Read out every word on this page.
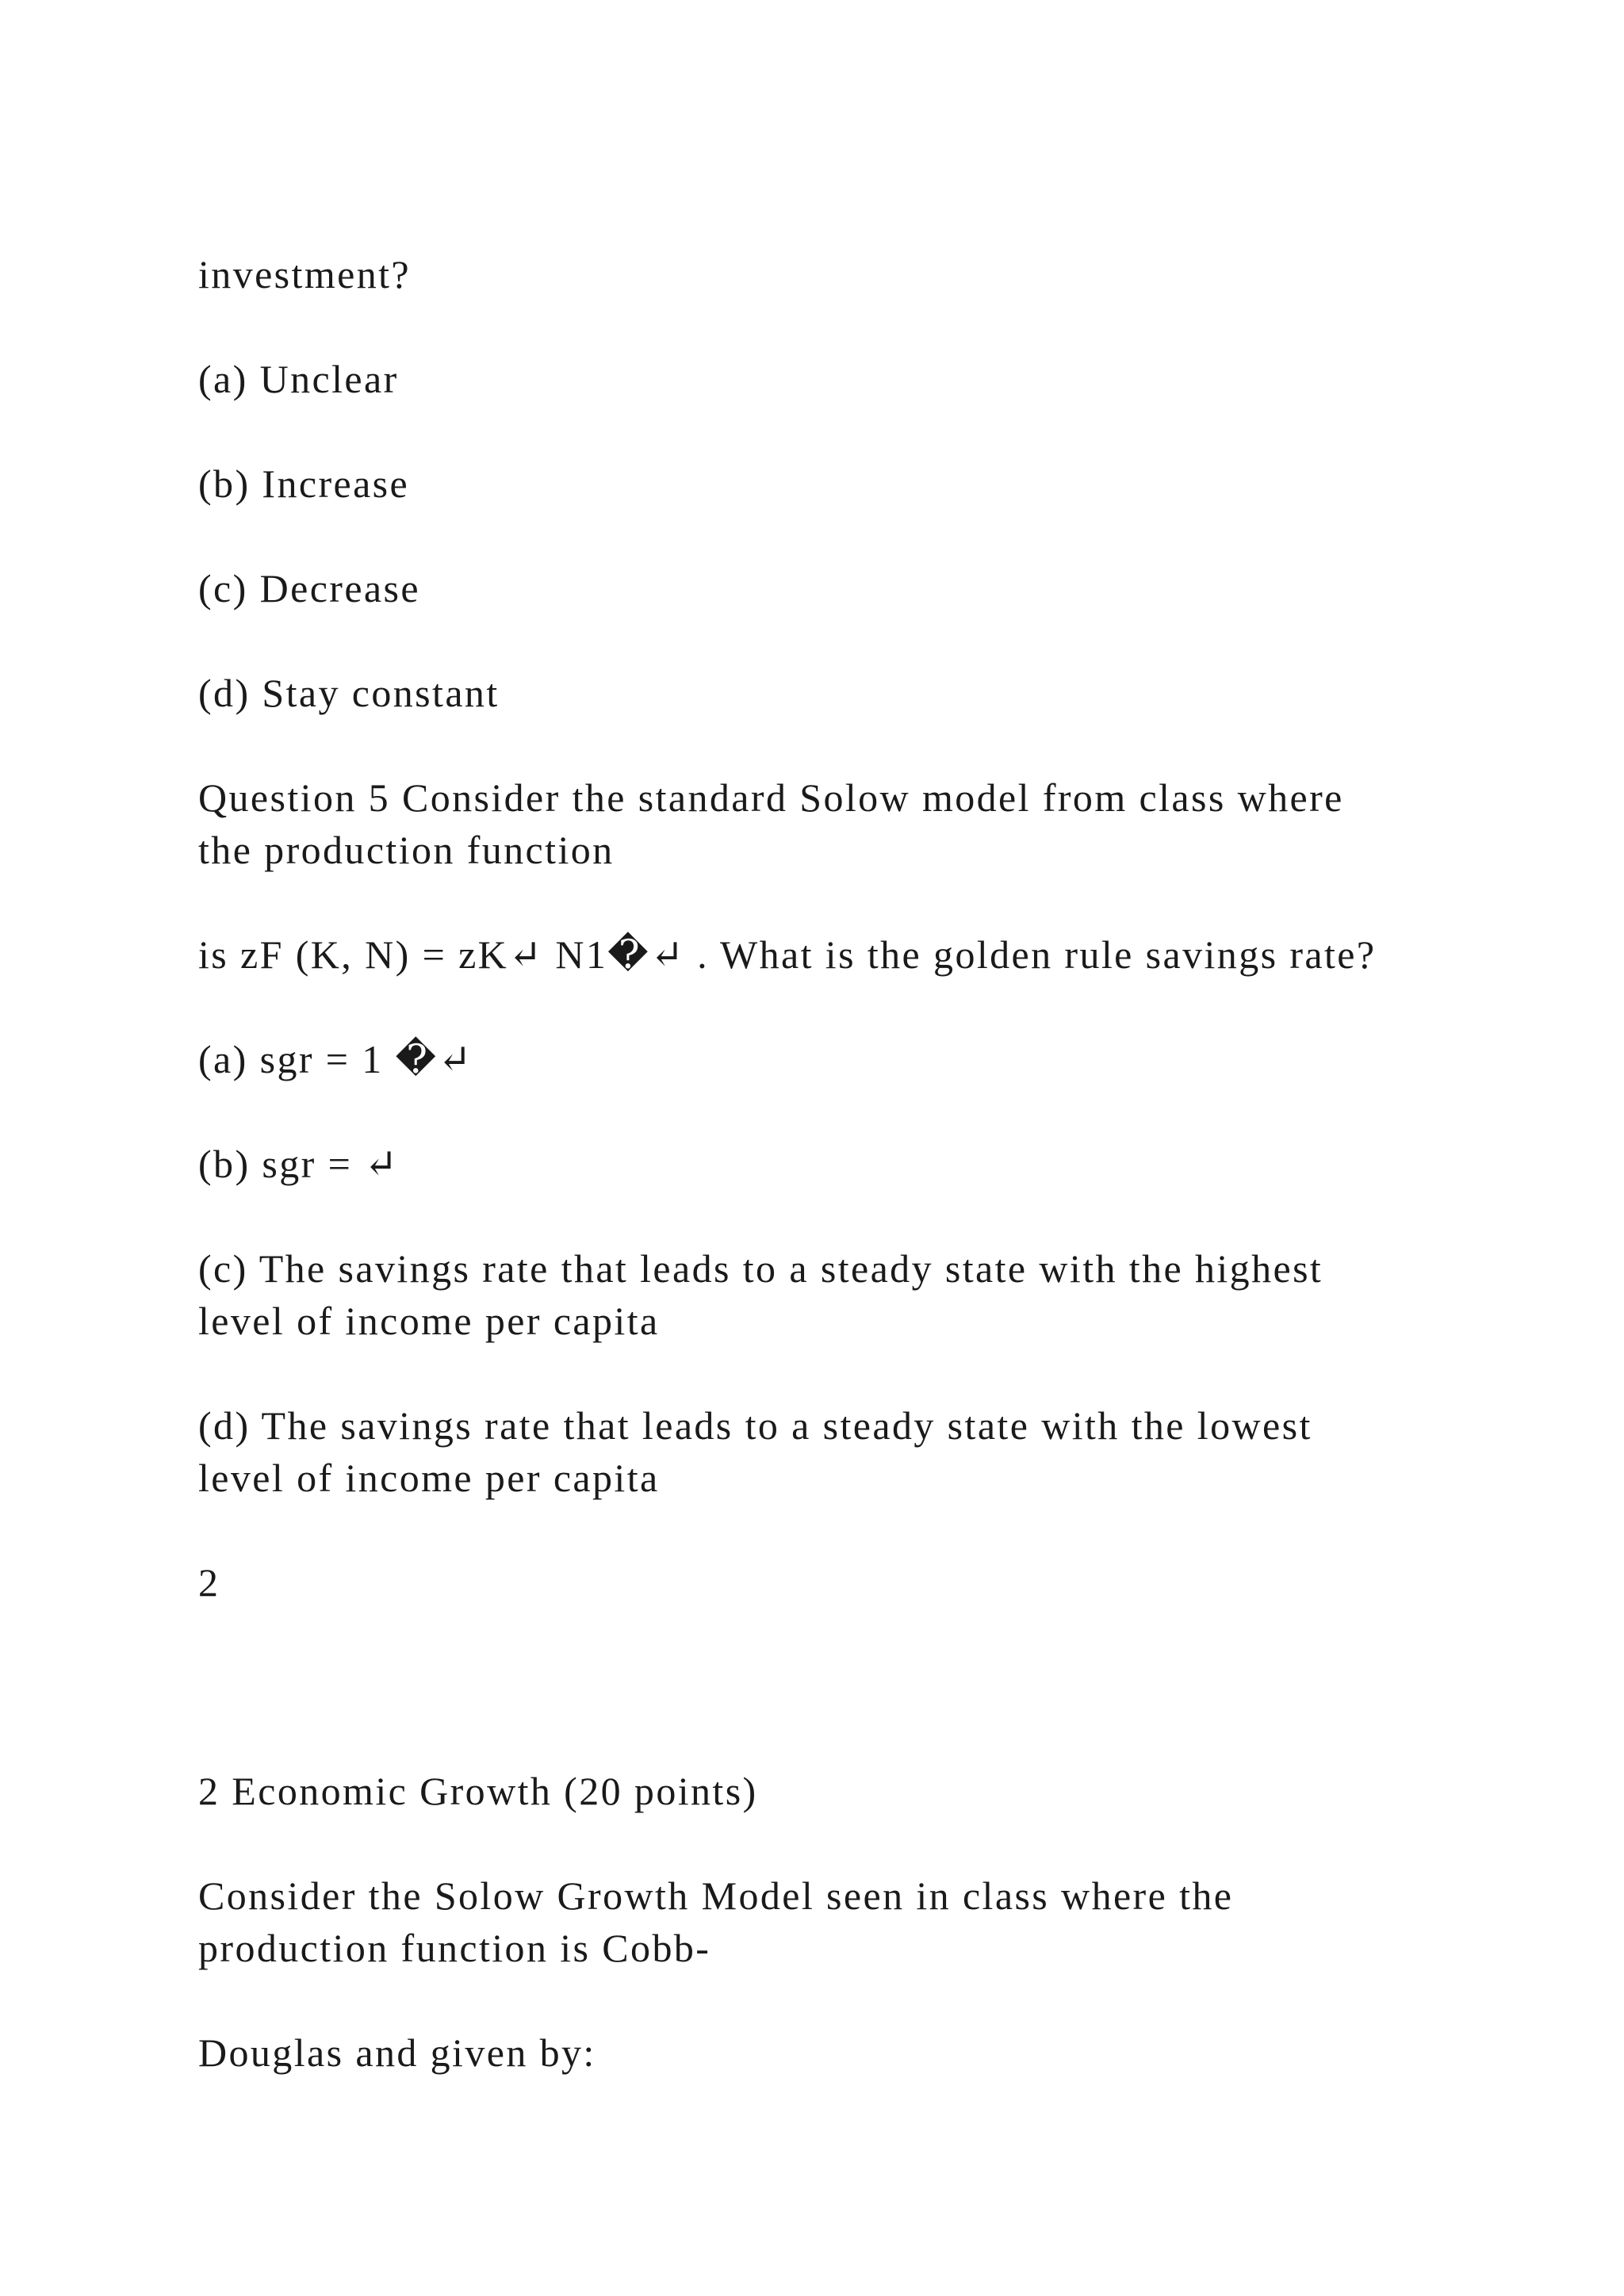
investment?

(a) Unclear

(b) Increase

(c) Decrease

(d) Stay constant

Question 5 Consider the standard Solow model from class where
the production function

is zF (K, N) = zK↵ N1�↵ . What is the golden rule savings rate?

(a) sgr = 1 �↵

(b) sgr = ↵

(c) The savings rate that leads to a steady state with the highest
level of income per capita

(d) The savings rate that leads to a steady state with the lowest
level of income per capita

2

2 Economic Growth (20 points)

Consider the Solow Growth Model seen in class where the
production function is Cobb-

Douglas and given by:
